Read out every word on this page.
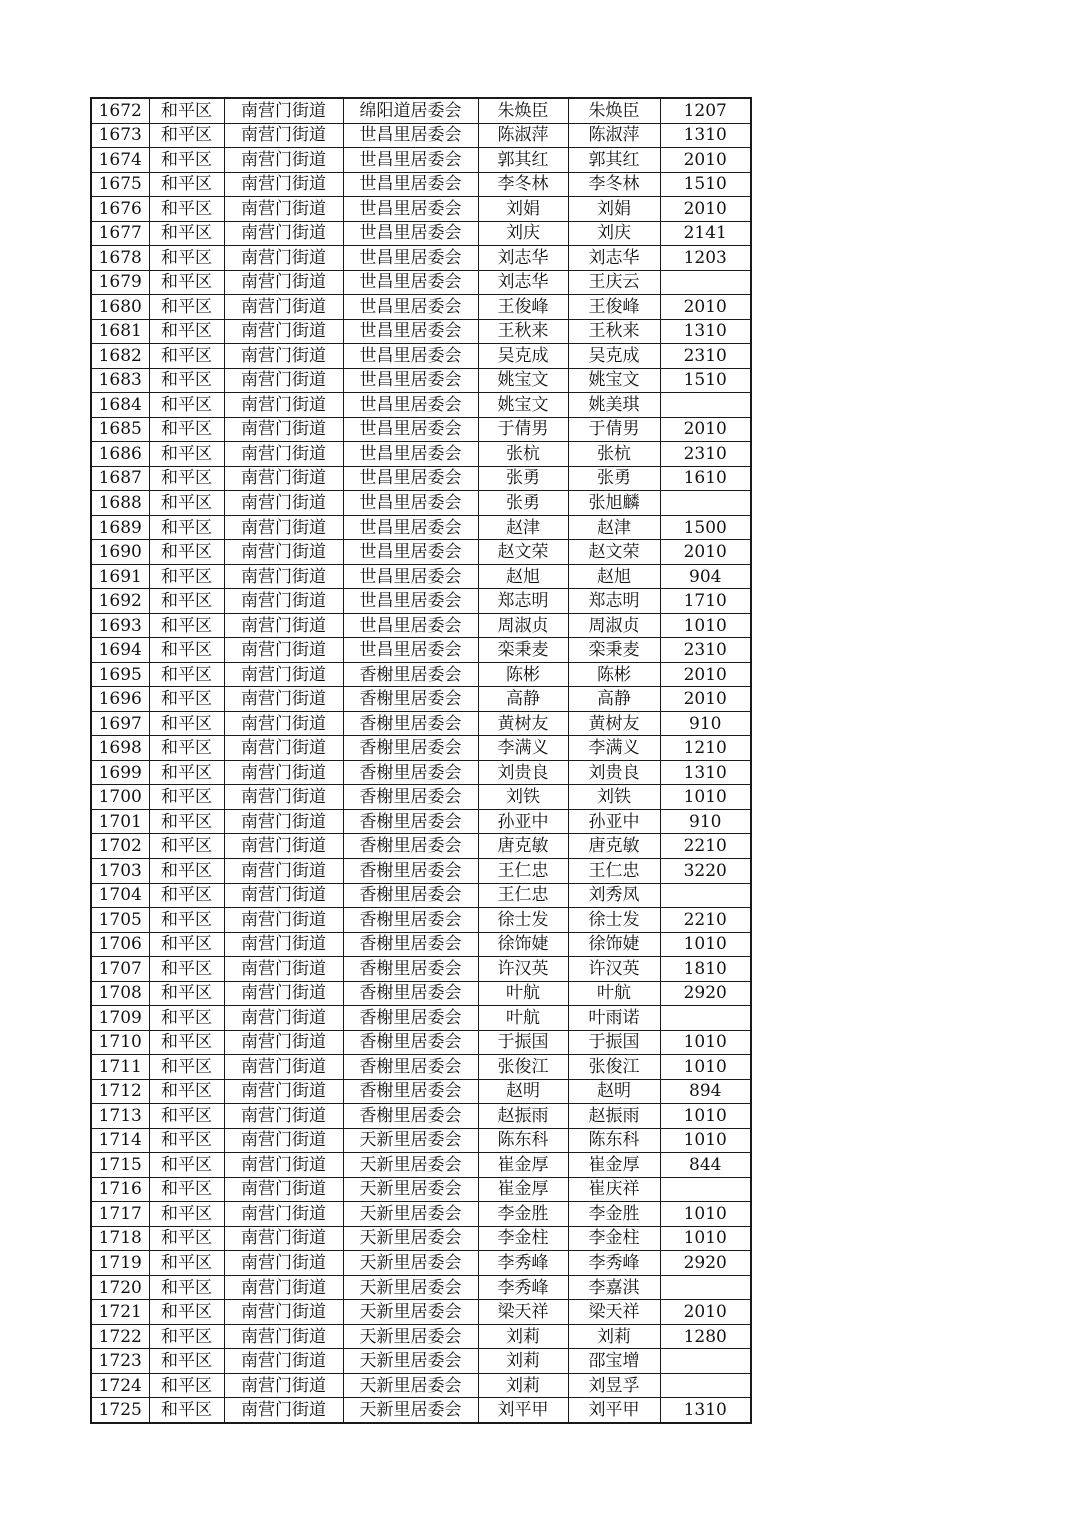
1672	和平区	南营门街道	绵阳道居委会	朱焕臣	朱焕臣	1207
1673	和平区	南营门街道	世昌里居委会	陈淑萍	陈淑萍	1310
1674	和平区	南营门街道	世昌里居委会	郭其红	郭其红	2010
1675	和平区	南营门街道	世昌里居委会	李冬林	李冬林	1510
1676	和平区	南营门街道	世昌里居委会	刘娟	刘娟	2010
1677	和平区	南营门街道	世昌里居委会	刘庆	刘庆	2141
1678	和平区	南营门街道	世昌里居委会	刘志华	刘志华	1203
1679	和平区	南营门街道	世昌里居委会	刘志华	王庆云	
1680	和平区	南营门街道	世昌里居委会	王俊峰	王俊峰	2010
1681	和平区	南营门街道	世昌里居委会	王秋来	王秋来	1310
1682	和平区	南营门街道	世昌里居委会	吴克成	吴克成	2310
1683	和平区	南营门街道	世昌里居委会	姚宝文	姚宝文	1510
1684	和平区	南营门街道	世昌里居委会	姚宝文	姚美琪	
1685	和平区	南营门街道	世昌里居委会	于倩男	于倩男	2010
1686	和平区	南营门街道	世昌里居委会	张杭	张杭	2310
1687	和平区	南营门街道	世昌里居委会	张勇	张勇	1610
1688	和平区	南营门街道	世昌里居委会	张勇	张旭麟	
1689	和平区	南营门街道	世昌里居委会	赵津	赵津	1500
1690	和平区	南营门街道	世昌里居委会	赵文荣	赵文荣	2010
1691	和平区	南营门街道	世昌里居委会	赵旭	赵旭	904
1692	和平区	南营门街道	世昌里居委会	郑志明	郑志明	1710
1693	和平区	南营门街道	世昌里居委会	周淑贞	周淑贞	1010
1694	和平区	南营门街道	世昌里居委会	栾秉麦	栾秉麦	2310
1695	和平区	南营门街道	香榭里居委会	陈彬	陈彬	2010
1696	和平区	南营门街道	香榭里居委会	高静	高静	2010
1697	和平区	南营门街道	香榭里居委会	黄树友	黄树友	910
1698	和平区	南营门街道	香榭里居委会	李满义	李满义	1210
1699	和平区	南营门街道	香榭里居委会	刘贵良	刘贵良	1310
1700	和平区	南营门街道	香榭里居委会	刘铁	刘铁	1010
1701	和平区	南营门街道	香榭里居委会	孙亚中	孙亚中	910
1702	和平区	南营门街道	香榭里居委会	唐克敏	唐克敏	2210
1703	和平区	南营门街道	香榭里居委会	王仁忠	王仁忠	3220
1704	和平区	南营门街道	香榭里居委会	王仁忠	刘秀凤	
1705	和平区	南营门街道	香榭里居委会	徐士发	徐士发	2210
1706	和平区	南营门街道	香榭里居委会	徐饰婕	徐饰婕	1010
1707	和平区	南营门街道	香榭里居委会	许汉英	许汉英	1810
1708	和平区	南营门街道	香榭里居委会	叶航	叶航	2920
1709	和平区	南营门街道	香榭里居委会	叶航	叶雨诺	
1710	和平区	南营门街道	香榭里居委会	于振国	于振国	1010
1711	和平区	南营门街道	香榭里居委会	张俊江	张俊江	1010
1712	和平区	南营门街道	香榭里居委会	赵明	赵明	894
1713	和平区	南营门街道	香榭里居委会	赵振雨	赵振雨	1010
1714	和平区	南营门街道	天新里居委会	陈东科	陈东科	1010
1715	和平区	南营门街道	天新里居委会	崔金厚	崔金厚	844
1716	和平区	南营门街道	天新里居委会	崔金厚	崔庆祥	
1717	和平区	南营门街道	天新里居委会	李金胜	李金胜	1010
1718	和平区	南营门街道	天新里居委会	李金柱	李金柱	1010
1719	和平区	南营门街道	天新里居委会	李秀峰	李秀峰	2920
1720	和平区	南营门街道	天新里居委会	李秀峰	李嘉淇	
1721	和平区	南营门街道	天新里居委会	梁天祥	梁天祥	2010
1722	和平区	南营门街道	天新里居委会	刘莉	刘莉	1280
1723	和平区	南营门街道	天新里居委会	刘莉	邵宝增	
1724	和平区	南营门街道	天新里居委会	刘莉	刘昱孚	
1725	和平区	南营门街道	天新里居委会	刘平甲	刘平甲	1310
